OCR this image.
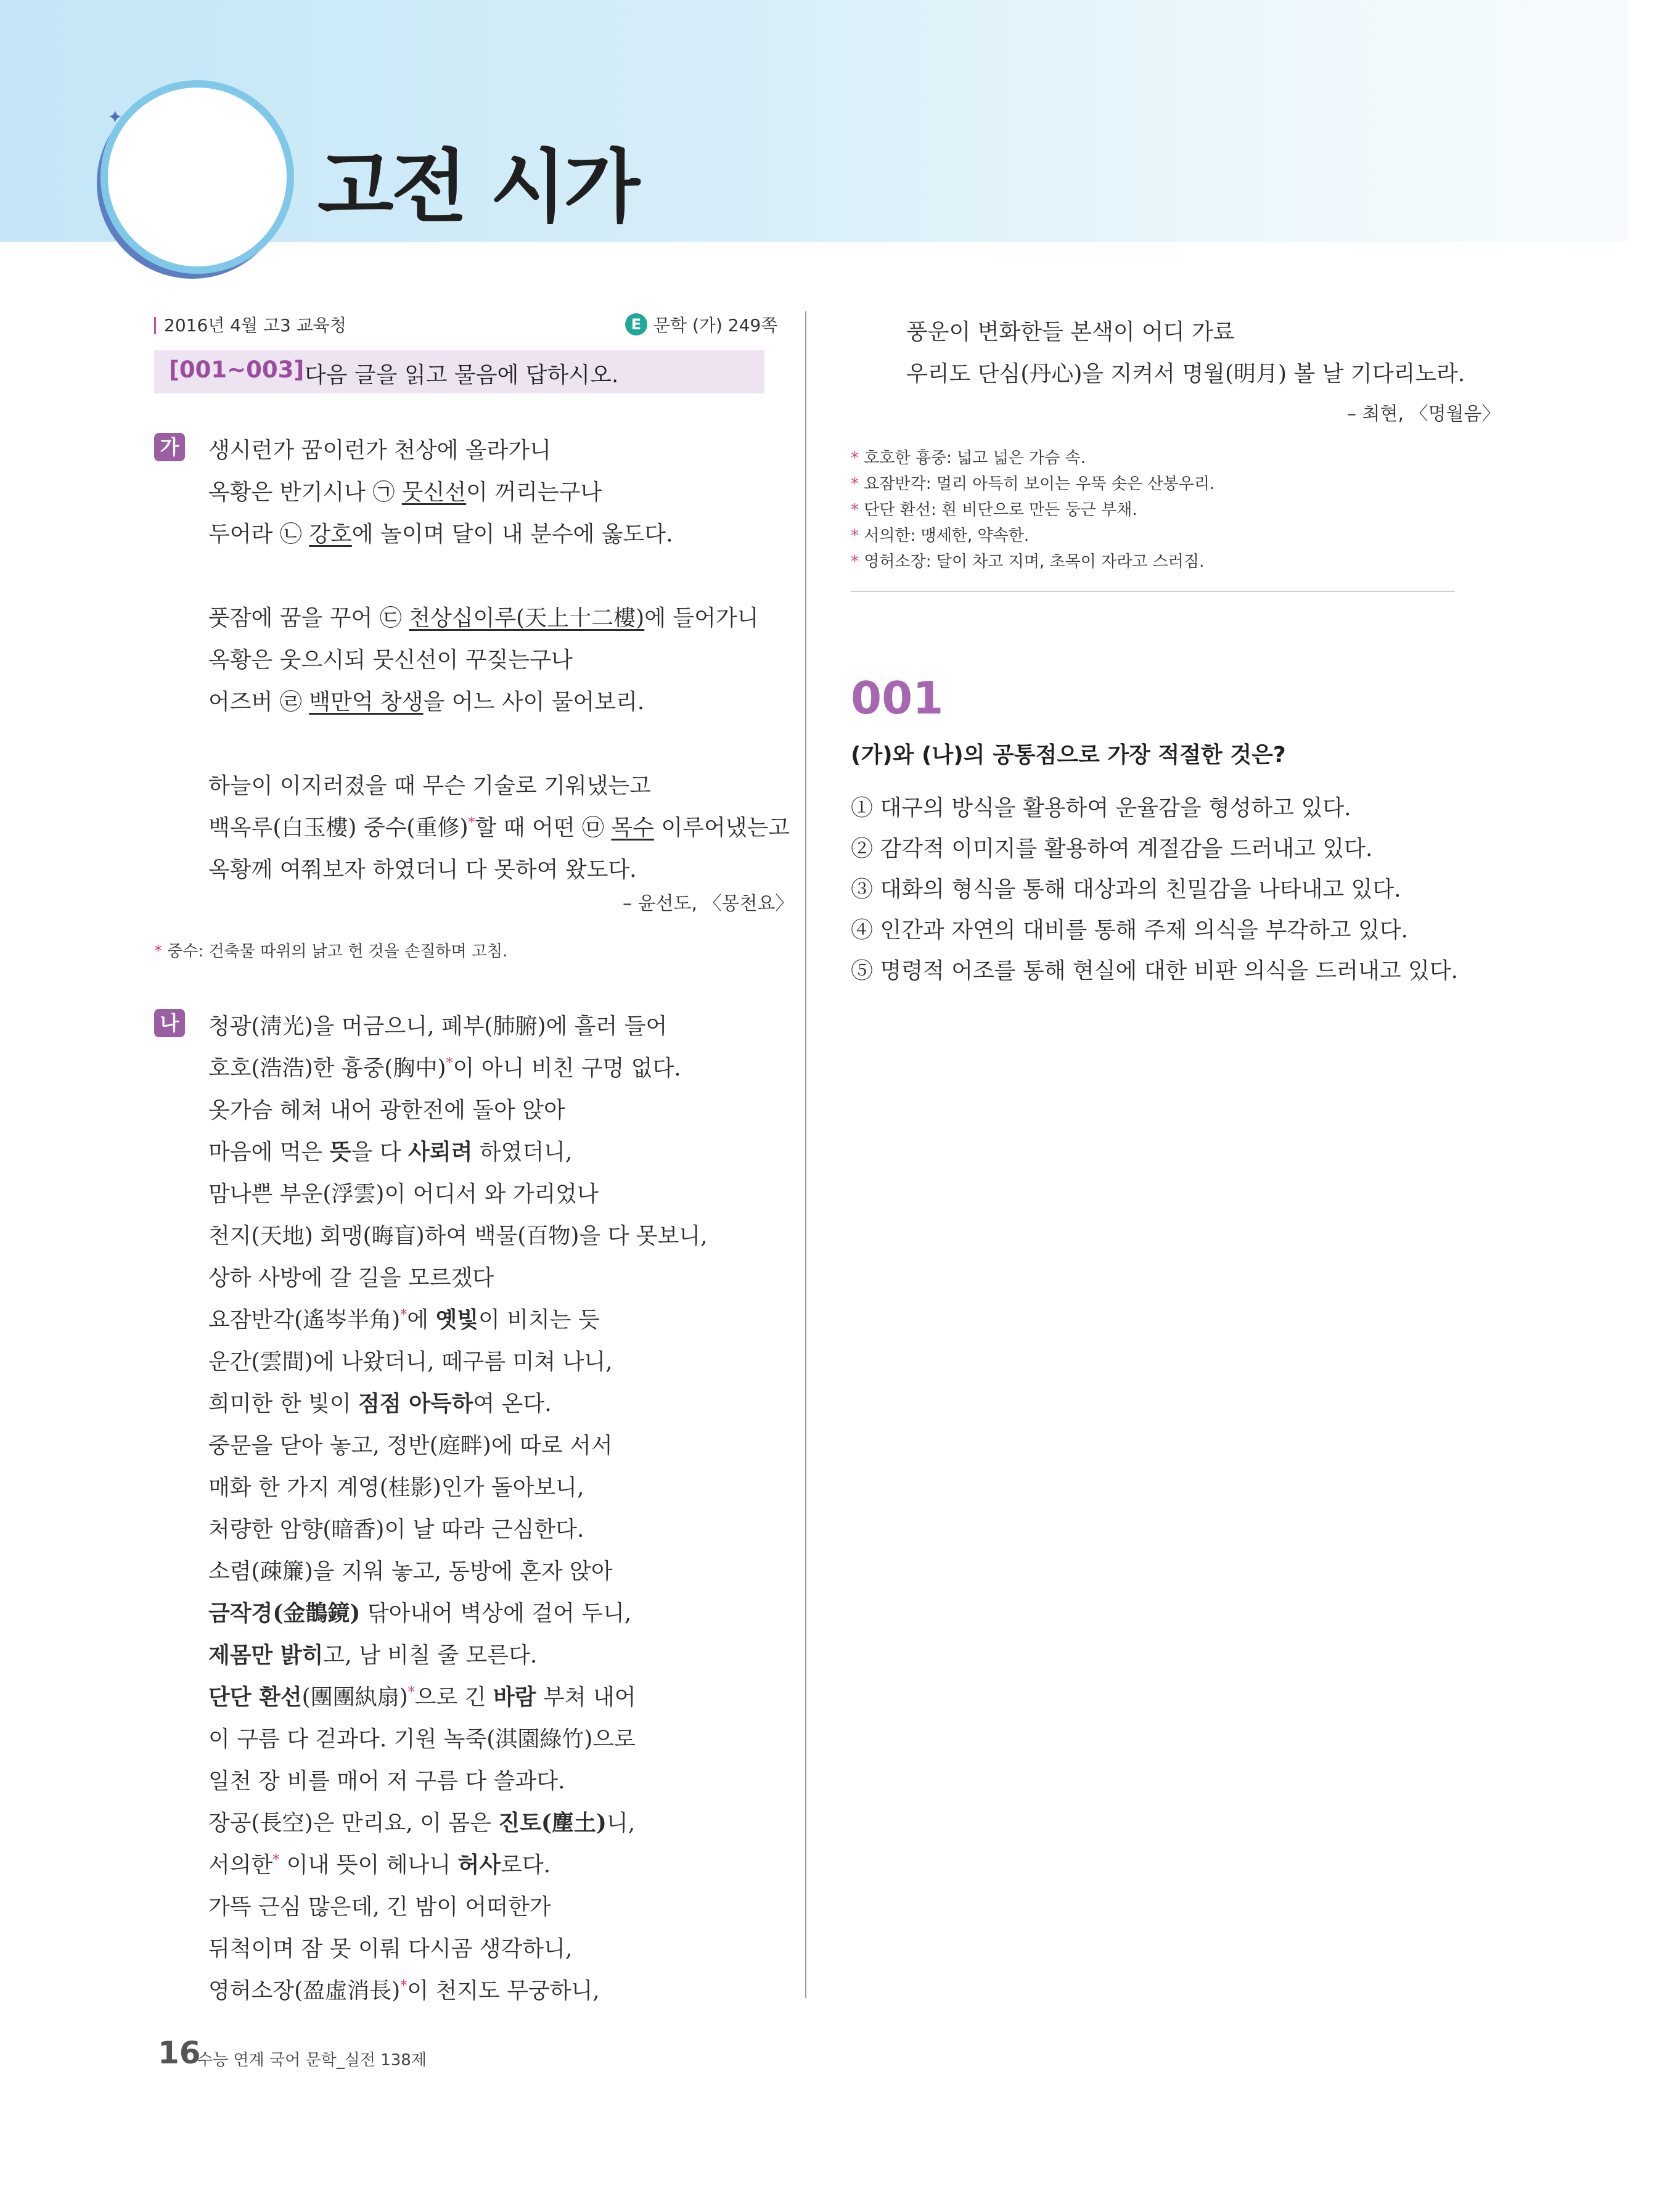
✦
고전 시가
2016년 4월 고3 교육청	E 문학 (가) 249쪽
[001~003] 다음 글을 읽고 물음에 답하시오.
가 생시런가 꿈이런가 천상에 올라가니
옥황은 반기시나 ㉠ 뭇신선이 꺼리는구나
두어라 ㉡ 강호에 놀이며 달이 내 분수에 옳도다.
풋잠에 꿈을 꾸어 ㉢ 천상십이루(天上十二樓)에 들어가니
옥황은 웃으시되 뭇신선이 꾸짖는구나
어즈버 ㉣ 백만억 창생을 어느 사이 물어보리.
하늘이 이지러졌을 때 무슨 기술로 기워냈는고
백옥루(白玉樓) 중수(重修)*할 때 어떤 ㉤ 목수 이루어냈는고
옥황께 여쭤보자 하였더니 다 못하여 왔도다.
– 윤선도, 〈몽천요〉
* 중수: 건축물 따위의 낡고 헌 것을 손질하며 고침.
나 청광(淸光)을 머금으니, 폐부(肺腑)에 흘러 들어
호호(浩浩)한 흉중(胸中)*이 아니 비친 구멍 없다.
옷가슴 헤쳐 내어 광한전에 돌아 앉아
마음에 먹은 뜻을 다 사뢰려 하였더니,
맘나쁜 부운(浮雲)이 어디서 와 가리었나
천지(天地) 회맹(晦盲)하여 백물(百物)을 다 못보니,
상하 사방에 갈 길을 모르겠다
요잠반각(遙岑半角)*에 옛빛이 비치는 듯
운간(雲間)에 나왔더니, 떼구름 미쳐 나니,
희미한 한 빛이 점점 아득하여 온다.
중문을 닫아 놓고, 정반(庭畔)에 따로 서서
매화 한 가지 계영(桂影)인가 돌아보니,
처량한 암향(暗香)이 날 따라 근심한다.
소렴(疎簾)을 지워 놓고, 동방에 혼자 앉아
금작경(金鵲鏡) 닦아내어 벽상에 걸어 두니,
제몸만 밝히고, 남 비칠 줄 모른다.
단단 환선(團團紈扇)*으로 긴 바람 부쳐 내어
이 구름 다 걷과다. 기원 녹죽(淇園綠竹)으로
일천 장 비를 매어 저 구름 다 쓸과다.
장공(長空)은 만리요, 이 몸은 진토(塵土)니,
서의한* 이내 뜻이 헤나니 허사로다.
가뜩 근심 많은데, 긴 밤이 어떠한가
뒤척이며 잠 못 이뤄 다시곰 생각하니,
영허소장(盈虛消長)*이 천지도 무궁하니,
풍운이 변화한들 본색이 어디 가료
우리도 단심(丹心)을 지켜서 명월(明月) 볼 날 기다리노라.
– 최현, 〈명월음〉
* 호호한 흉중: 넓고 넓은 가슴 속.
* 요잠반각: 멀리 아득히 보이는 우뚝 솟은 산봉우리.
* 단단 환선: 흰 비단으로 만든 둥근 부채.
* 서의한: 맹세한, 약속한.
* 영허소장: 달이 차고 지며, 초목이 자라고 스러짐.
001
(가)와 (나)의 공통점으로 가장 적절한 것은?
① 대구의 방식을 활용하여 운율감을 형성하고 있다.
② 감각적 이미지를 활용하여 계절감을 드러내고 있다.
③ 대화의 형식을 통해 대상과의 친밀감을 나타내고 있다.
④ 인간과 자연의 대비를 통해 주제 의식을 부각하고 있다.
⑤ 명령적 어조를 통해 현실에 대한 비판 의식을 드러내고 있다.
16
수능 연계 국어 문학_실전 138제
